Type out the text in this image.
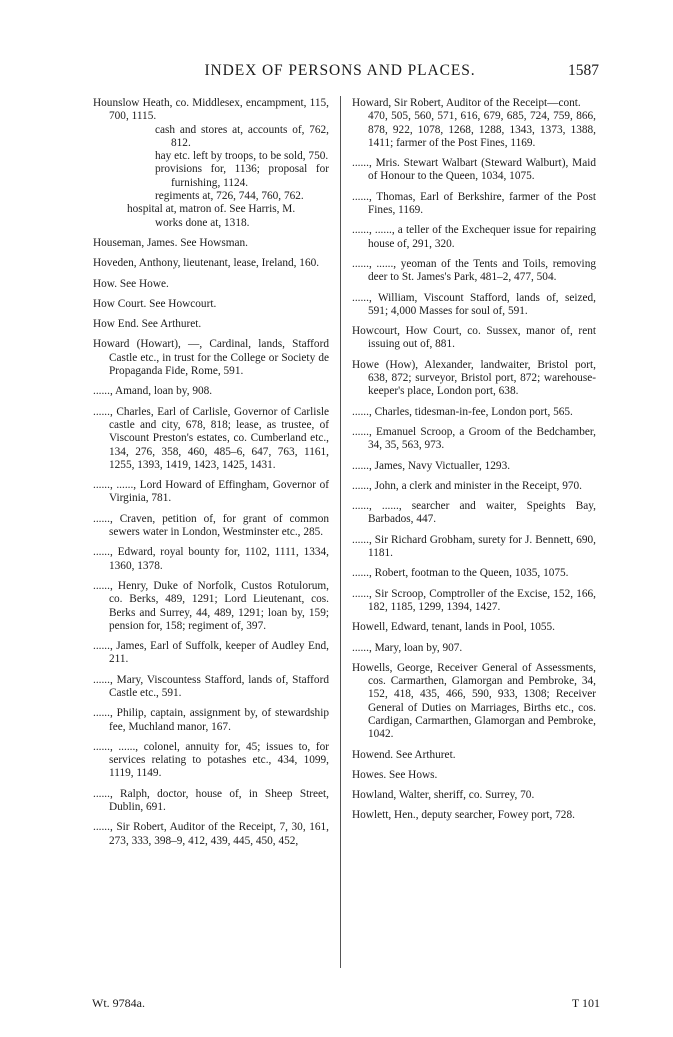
INDEX OF PERSONS AND PLACES.	1587

Hounslow Heath, co. Middlesex, encampment, 115, 700, 1115.

cash and stores at, accounts of, 762, 812.

hay etc. left by troops, to be sold, 750.

provisions for, 1136; proposal for furnishing, 1124.

regiments at, 726, 744, 760, 762.

hospital at, matron of. See Harris, M.

works done at, 1318.

Houseman, James. See Howsman.

Hoveden, Anthony, lieutenant, lease, Ireland, 160.

How. See Howe.

How Court. See Howcourt.

How End. See Arthuret.

Howard (Howart), —, Cardinal, lands, Stafford Castle etc., in trust for the College or Society de Propaganda Fide, Rome, 591.

......, Amand, loan by, 908.

......, Charles, Earl of Carlisle, Governor of Carlisle castle and city, 678, 818; lease, as trustee, of Viscount Preston's estates, co. Cumberland etc., 134, 276, 358, 460, 485–6, 647, 763, 1161, 1255, 1393, 1419, 1423, 1425, 1431.

......, ......, Lord Howard of Effingham, Governor of Virginia, 781.

......, Craven, petition of, for grant of common sewers water in London, Westminster etc., 285.

......, Edward, royal bounty for, 1102, 1111, 1334, 1360, 1378.

......, Henry, Duke of Norfolk, Custos Rotulorum, co. Berks, 489, 1291; Lord Lieutenant, cos. Berks and Surrey, 44, 489, 1291; loan by, 159; pension for, 158; regiment of, 397.

......, James, Earl of Suffolk, keeper of Audley End, 211.

......, Mary, Viscountess Stafford, lands of, Stafford Castle etc., 591.

......, Philip, captain, assignment by, of stewardship fee, Muchland manor, 167.

......, ......, colonel, annuity for, 45; issues to, for services relating to potashes etc., 434, 1099, 1119, 1149.

......, Ralph, doctor, house of, in Sheep Street, Dublin, 691.

......, Sir Robert, Auditor of the Receipt, 7, 30, 161, 273, 333, 398–9, 412, 439, 445, 450, 452,

Howard, Sir Robert, Auditor of the Receipt—cont.

470, 505, 560, 571, 616, 679, 685, 724, 759, 866, 878, 922, 1078, 1268, 1288, 1343, 1373, 1388, 1411; farmer of the Post Fines, 1169.

......, Mris. Stewart Walbart (Steward Walburt), Maid of Honour to the Queen, 1034, 1075.

......, Thomas, Earl of Berkshire, farmer of the Post Fines, 1169.

......, ......, a teller of the Exchequer issue for repairing house of, 291, 320.

......, ......, yeoman of the Tents and Toils, removing deer to St. James's Park, 481–2, 477, 504.

......, William, Viscount Stafford, lands of, seized, 591; 4,000 Masses for soul of, 591.

Howcourt, How Court, co. Sussex, manor of, rent issuing out of, 881.

Howe (How), Alexander, landwaiter, Bristol port, 638, 872; surveyor, Bristol port, 872; warehouse-keeper's place, London port, 638.

......, Charles, tidesman-in-fee, London port, 565.

......, Emanuel Scroop, a Groom of the Bedchamber, 34, 35, 563, 973.

......, James, Navy Victualler, 1293.

......, John, a clerk and minister in the Receipt, 970.

......, ......, searcher and waiter, Speights Bay, Barbados, 447.

......, Sir Richard Grobham, surety for J. Bennett, 690, 1181.

......, Robert, footman to the Queen, 1035, 1075.

......, Sir Scroop, Comptroller of the Excise, 152, 166, 182, 1185, 1299, 1394, 1427.

Howell, Edward, tenant, lands in Pool, 1055.

......, Mary, loan by, 907.

Howells, George, Receiver General of Assessments, cos. Carmarthen, Glamorgan and Pembroke, 34, 152, 418, 435, 466, 590, 933, 1308; Receiver General of Duties on Marriages, Births etc., cos. Cardigan, Carmarthen, Glamorgan and Pembroke, 1042.

Howend. See Arthuret.

Howes. See Hows.

Howland, Walter, sheriff, co. Surrey, 70.

Howlett, Hen., deputy searcher, Fowey port, 728.

Wt. 9784a.	T 101
